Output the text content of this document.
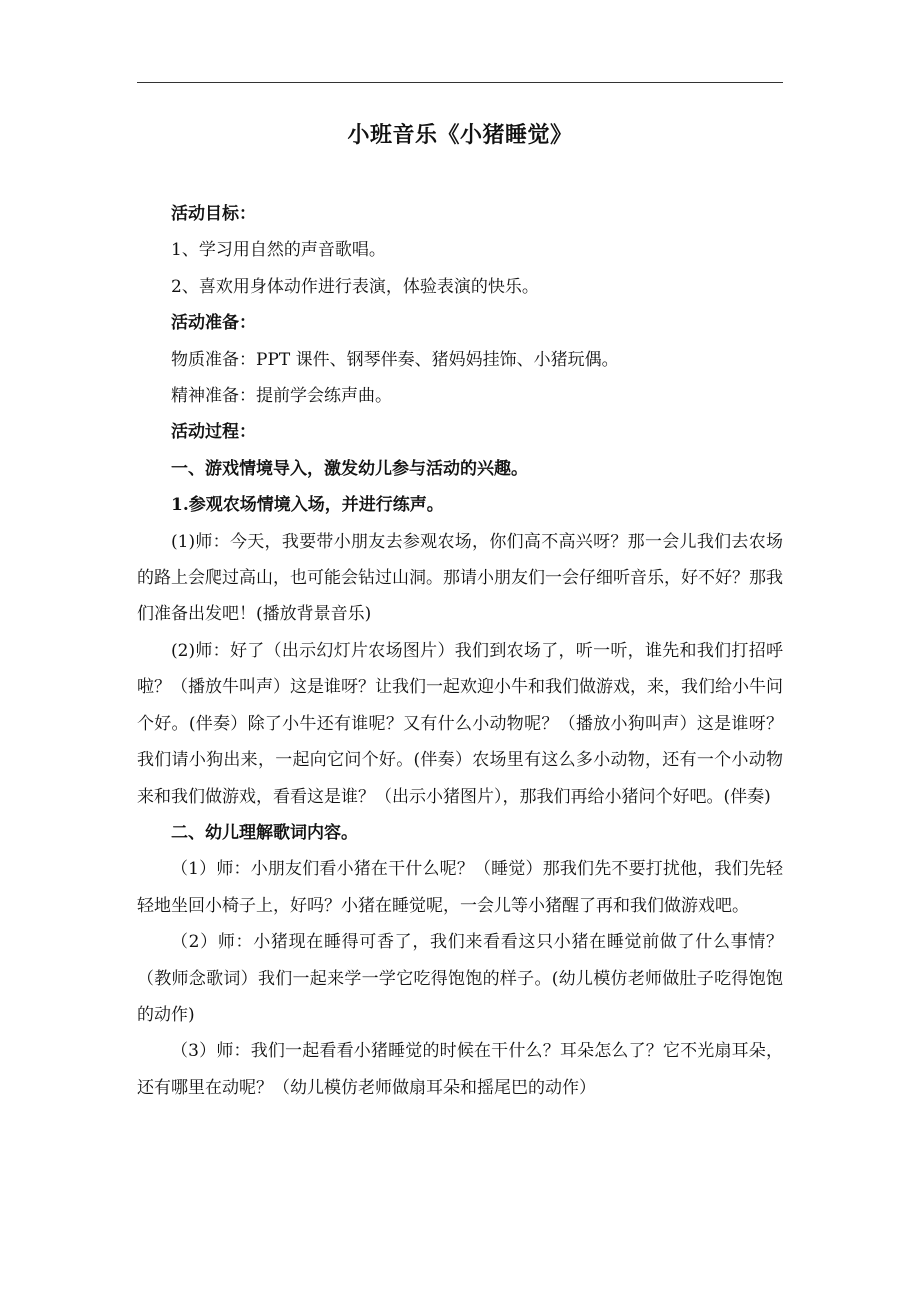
小班音乐《小猪睡觉》

活动目标：

1、学习用自然的声音歌唱。

2、喜欢用身体动作进行表演，体验表演的快乐。

活动准备：

物质准备：PPT 课件、钢琴伴奏、猪妈妈挂饰、小猪玩偶。

精神准备：提前学会练声曲。

活动过程：

一、游戏情境导入，激发幼儿参与活动的兴趣。

1.参观农场情境入场，并进行练声。

(1)师：今天，我要带小朋友去参观农场，你们高不高兴呀？那一会儿我们去农场的路上会爬过高山，也可能会钻过山洞。那请小朋友们一会仔细听音乐，好不好？那我们准备出发吧！(播放背景音乐)

(2)师：好了（出示幻灯片农场图片）我们到农场了，听一听，谁先和我们打招呼啦？（播放牛叫声）这是谁呀？让我们一起欢迎小牛和我们做游戏，来，我们给小牛问个好。(伴奏）除了小牛还有谁呢？又有什么小动物呢？（播放小狗叫声）这是谁呀？我们请小狗出来，一起向它问个好。(伴奏）农场里有这么多小动物，还有一个小动物来和我们做游戏，看看这是谁？（出示小猪图片），那我们再给小猪问个好吧。(伴奏)

二、幼儿理解歌词内容。

（1）师：小朋友们看小猪在干什么呢？（睡觉）那我们先不要打扰他，我们先轻轻地坐回小椅子上，好吗？小猪在睡觉呢，一会儿等小猪醒了再和我们做游戏吧。

（2）师：小猪现在睡得可香了，我们来看看这只小猪在睡觉前做了什么事情？（教师念歌词）我们一起来学一学它吃得饱饱的样子。(幼儿模仿老师做肚子吃得饱饱的动作)

（3）师：我们一起看看小猪睡觉的时候在干什么？耳朵怎么了？它不光扇耳朵，还有哪里在动呢？（幼儿模仿老师做扇耳朵和摇尾巴的动作）
